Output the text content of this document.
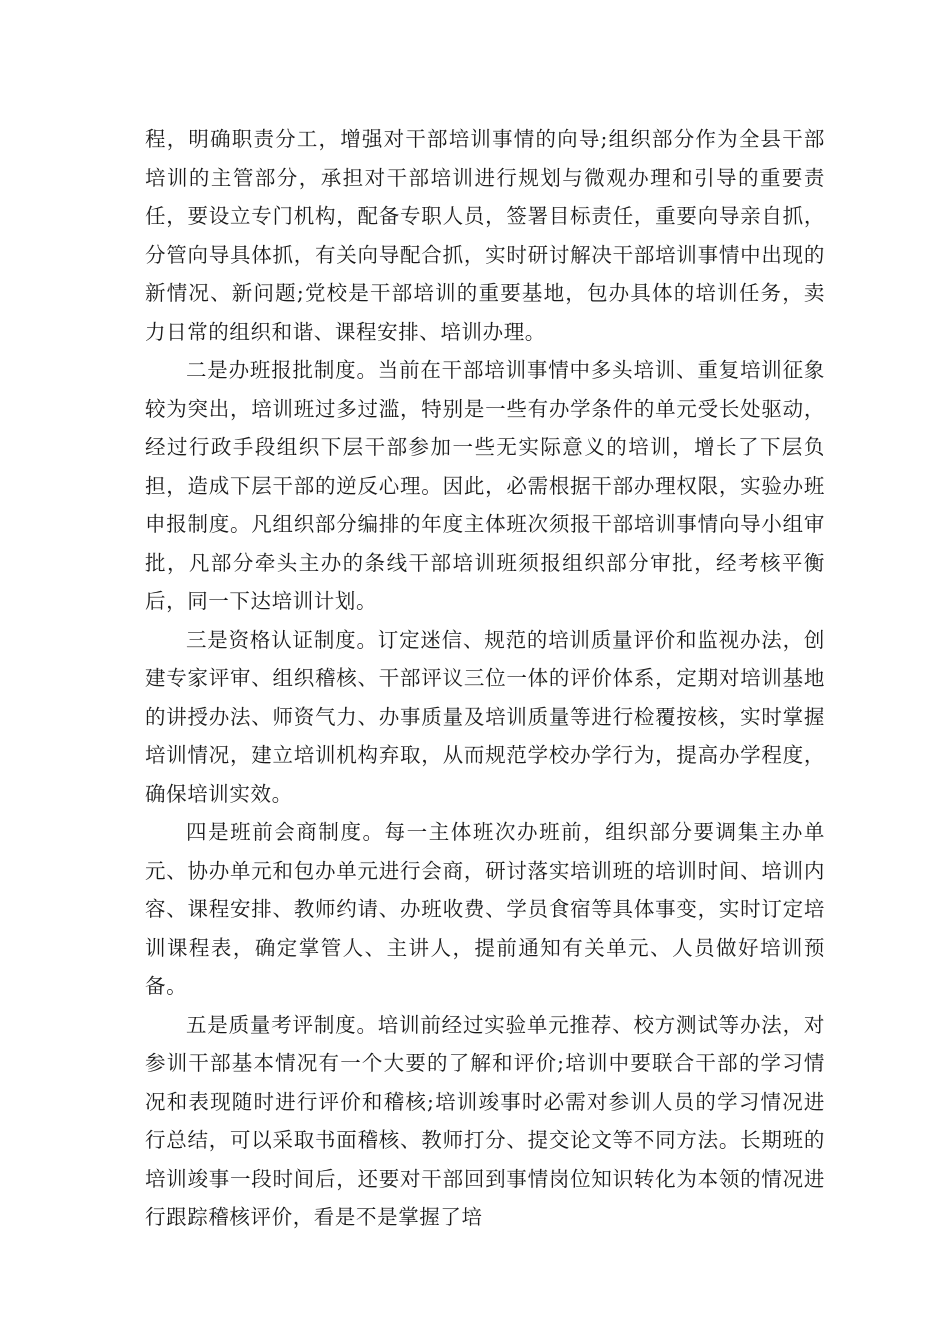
程，明确职责分工，增强对干部培训事情的向导;组织部分作为全县干部培训的主管部分，承担对干部培训进行规划与微观办理和引导的重要责任，要设立专门机构，配备专职人员，签署目标责任，重要向导亲自抓，分管向导具体抓，有关向导配合抓，实时研讨解决干部培训事情中出现的新情况、新问题;党校是干部培训的重要基地，包办具体的培训任务，卖力日常的组织和谐、课程安排、培训办理。

二是办班报批制度。当前在干部培训事情中多头培训、重复培训征象较为突出，培训班过多过滥，特别是一些有办学条件的单元受长处驱动，经过行政手段组织下层干部参加一些无实际意义的培训，增长了下层负担，造成下层干部的逆反心理。因此，必需根据干部办理权限，实验办班申报制度。凡组织部分编排的年度主体班次须报干部培训事情向导小组审批，凡部分牵头主办的条线干部培训班须报组织部分审批，经考核平衡后，同一下达培训计划。

三是资格认证制度。订定迷信、规范的培训质量评价和监视办法，创建专家评审、组织稽核、干部评议三位一体的评价体系，定期对培训基地的讲授办法、师资气力、办事质量及培训质量等进行检覆按核，实时掌握培训情况，建立培训机构弃取，从而规范学校办学行为，提高办学程度，确保培训实效。

四是班前会商制度。每一主体班次办班前，组织部分要调集主办单元、协办单元和包办单元进行会商，研讨落实培训班的培训时间、培训内容、课程安排、教师约请、办班收费、学员食宿等具体事变，实时订定培训课程表，确定掌管人、主讲人，提前通知有关单元、人员做好培训预备。

五是质量考评制度。培训前经过实验单元推荐、校方测试等办法，对参训干部基本情况有一个大要的了解和评价;培训中要联合干部的学习情况和表现随时进行评价和稽核;培训竣事时必需对参训人员的学习情况进行总结，可以采取书面稽核、教师打分、提交论文等不同方法。长期班的培训竣事一段时间后，还要对干部回到事情岗位知识转化为本领的情况进行跟踪稽核评价，看是不是掌握了培
